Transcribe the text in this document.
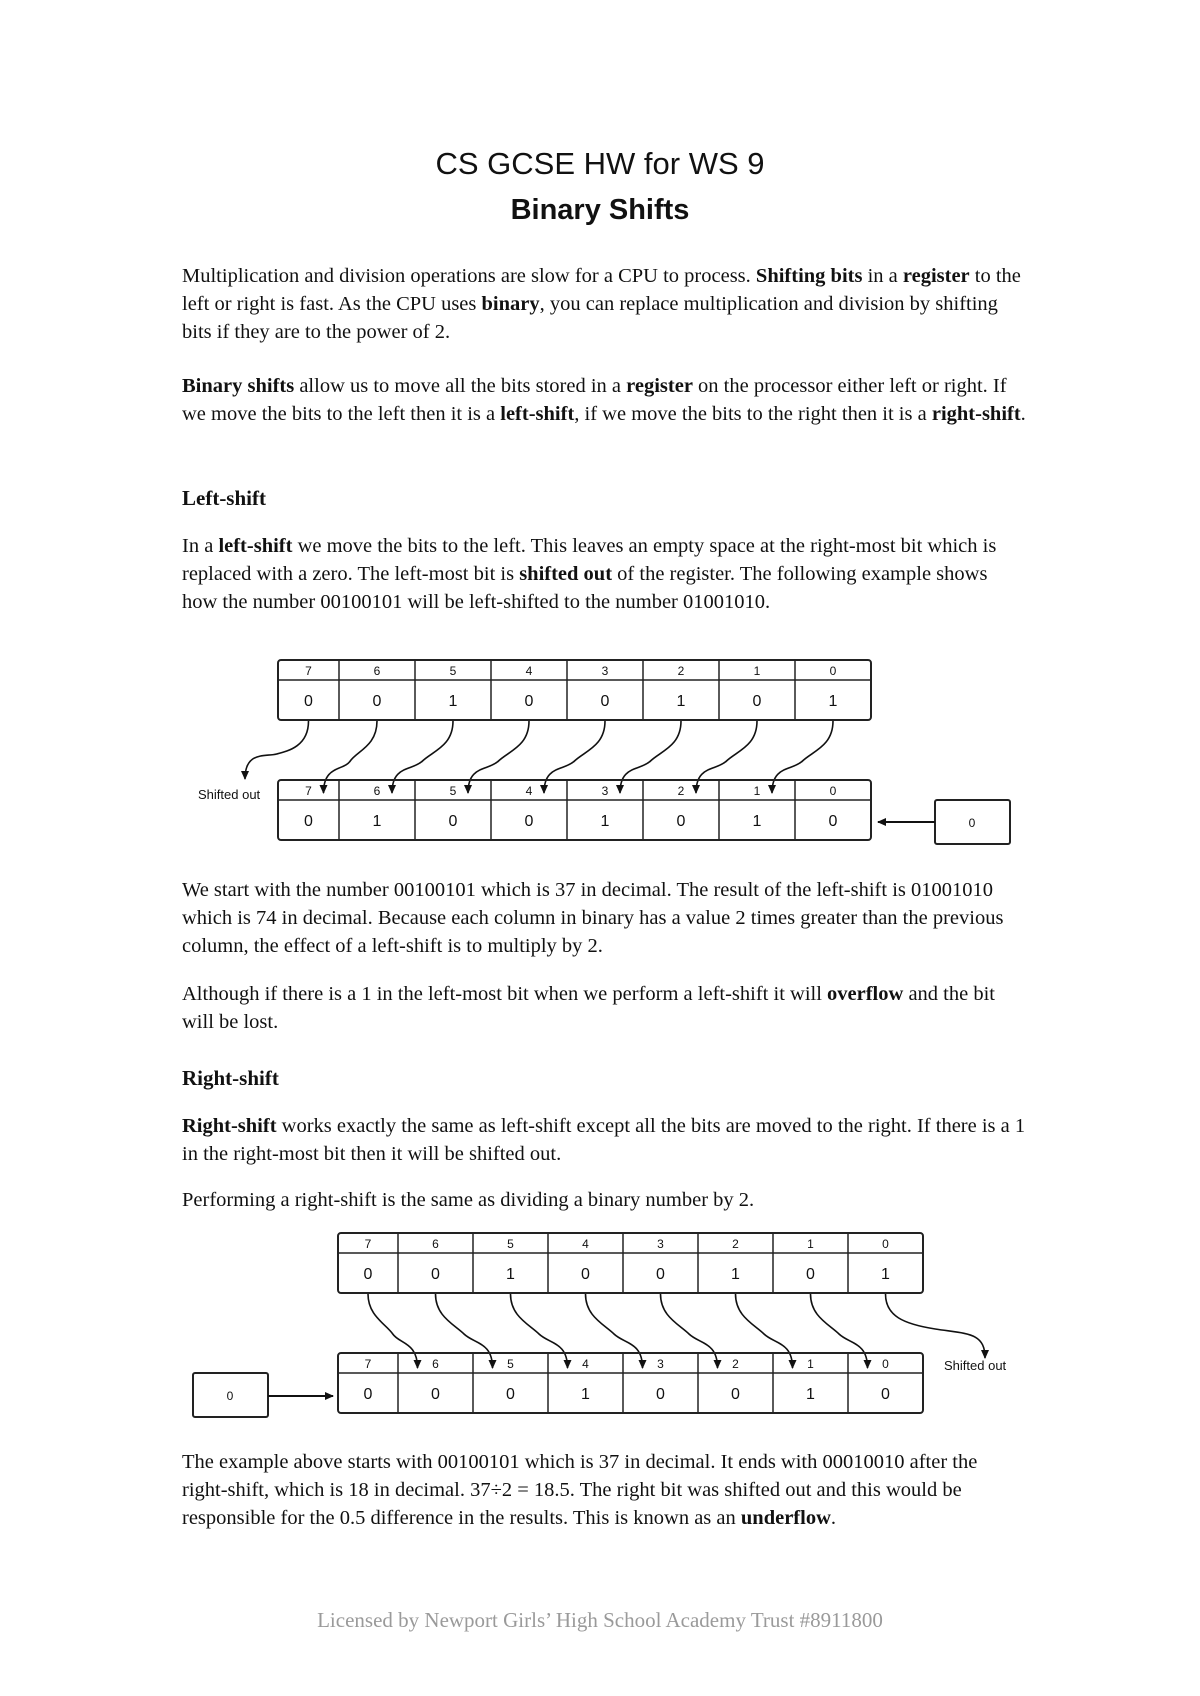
CS GCSE HW for WS 9
Binary Shifts

Multiplication and division operations are slow for a CPU to process. Shifting bits in a register to the left or right is fast. As the CPU uses binary, you can replace multiplication and division by shifting bits if they are to the power of 2.

Binary shifts allow us to move all the bits stored in a register on the processor either left or right. If we move the bits to the left then it is a left-shift, if we move the bits to the right then it is a right-shift.

Left-shift

In a left-shift we move the bits to the left. This leaves an empty space at the right-most bit which is replaced with a zero. The left-most bit is shifted out of the register. The following example shows how the number 00100101 will be left-shifted to the number 01001010.

7
0
6
0
5
1
4
0
3
0
2
1
1
0
0
1
7
0
6
1
5
0
4
0
3
1
2
0
1
1
0
0
Shifted out
0

We start with the number 00100101 which is 37 in decimal. The result of the left-shift is 01001010 which is 74 in decimal. Because each column in binary has a value 2 times greater than the previous column, the effect of a left-shift is to multiply by 2.

Although if there is a 1 in the left-most bit when we perform a left-shift it will overflow and the bit will be lost.

Right-shift

Right-shift works exactly the same as left-shift except all the bits are moved to the right. If there is a 1 in the right-most bit then it will be shifted out.

Performing a right-shift is the same as dividing a binary number by 2.

7
0
6
0
5
1
4
0
3
0
2
1
1
0
0
1
7
0
6
0
5
0
4
1
3
0
2
0
1
1
0
0
Shifted out
0

The example above starts with 00100101 which is 37 in decimal. It ends with 00010010 after the right-shift, which is 18 in decimal. 37÷2 = 18.5. The right bit was shifted out and this would be responsible for the 0.5 difference in the results. This is known as an underflow.

Licensed by Newport Girls’ High School Academy Trust #8911800
